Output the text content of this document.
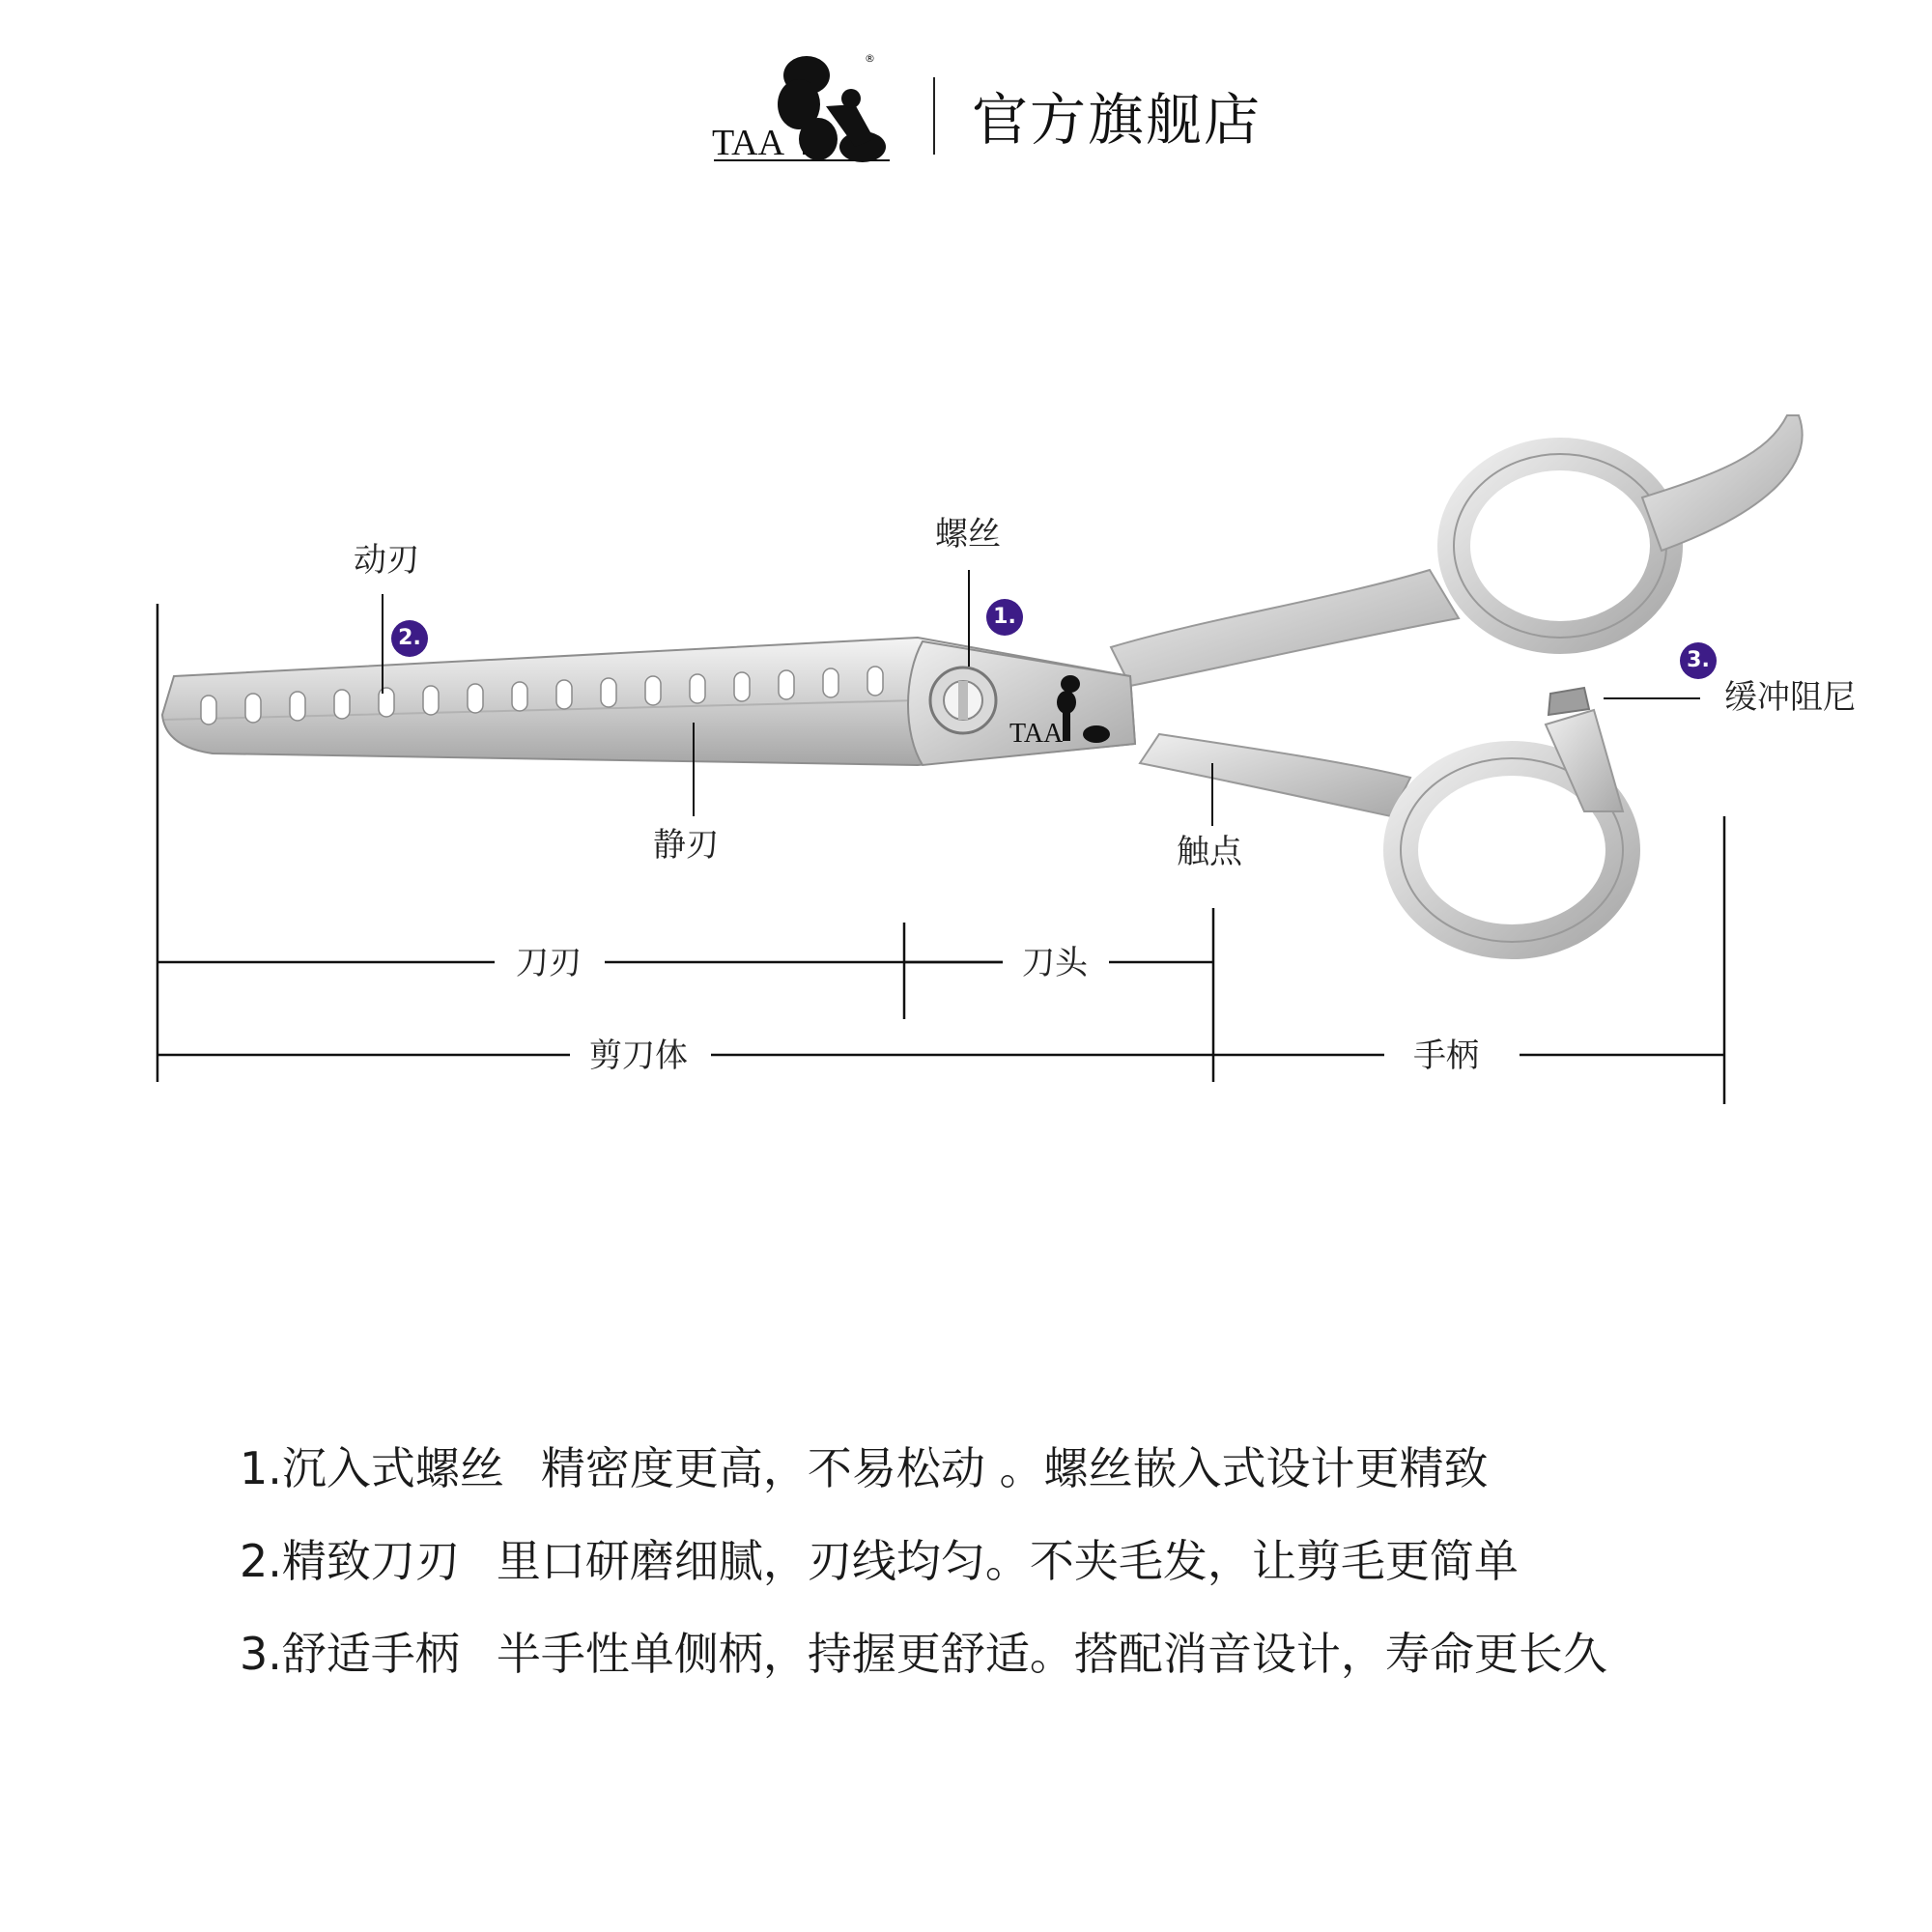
TAA
®
官方旗舰店
TAA
动刃
螺丝
缓冲阻尼
静刃	触点
刀刃	刀头
剪刀体	手柄
1.
2.
3.
1.沉入式螺丝 精密度更高，不易松动 。螺丝嵌入式设计更精致
2.精致刀刃 里口研磨细腻，刃线均匀。不夹毛发，让剪毛更简单
3.舒适手柄 半手性单侧柄，持握更舒适。搭配消音设计，寿命更长久
